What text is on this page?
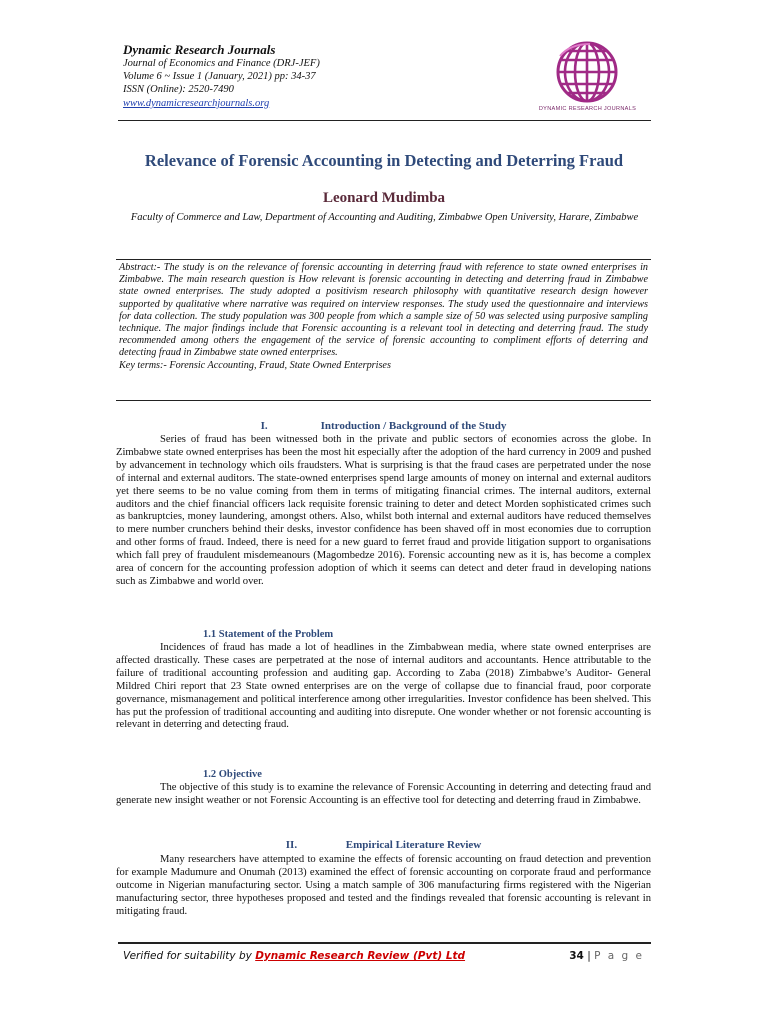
Dynamic Research Journals
Journal of Economics and Finance (DRJ-JEF)
Volume 6 ~ Issue 1 (January, 2021) pp: 34-37
ISSN (Online): 2520-7490
www.dynamicresearchjournals.org
DYNAMIC RESEARCH JOURNALS
Relevance of Forensic Accounting in Detecting and Deterring Fraud
Leonard Mudimba
Faculty of Commerce and Law, Department of Accounting and Auditing, Zimbabwe Open University, Harare, Zimbabwe

Abstract:- The study is on the relevance of forensic accounting in deterring fraud with reference to state owned enterprises in Zimbabwe. The main research question is How relevant is forensic accounting in detecting and deterring fraud in Zimbabwe state owned enterprises. The study adopted a positivism research philosophy with quantitative research design however supported by qualitative where narrative was required on interview responses. The study used the questionnaire and interviews for data collection. The study population was 300 people from which a sample size of 50 was selected using purposive sampling technique. The major findings include that Forensic accounting is a relevant tool in detecting and deterring fraud. The study recommended among others the engagement of the service of forensic accounting to compliment efforts of deterring and detecting fraud in Zimbabwe state owned enterprises.

Key terms:- Forensic Accounting, Fraud, State Owned Enterprises

I.	Introduction / Background of the Study

Series of fraud has been witnessed both in the private and public sectors of economies across the globe. In Zimbabwe state owned enterprises has been the most hit especially after the adoption of the hard currency in 2009 and pushed by advancement in technology which oils fraudsters. What is surprising is that the fraud cases are perpetrated under the nose of internal and external auditors. The state-owned enterprises spend large amounts of money on internal and external auditors yet there seems to be no value coming from them in terms of mitigating financial crimes. The internal auditors, external auditors and the chief financial officers lack requisite forensic training to deter and detect Morden sophisticated crimes such as bankruptcies, money laundering, amongst others. Also, whilst both internal and external auditors have reduced themselves to mere number crunchers behind their desks, investor confidence has been shaved off in most economies due to corruption and other forms of fraud. Indeed, there is need for a new guard to ferret fraud and provide litigation support to organisations which fall prey of fraudulent misdemeanours (Magombedze 2016). Forensic accounting new as it is, has become a complex area of concern for the accounting profession adoption of which it seems can detect and deter fraud in developing nations such as Zimbabwe and world over.

1.1 Statement of the Problem

Incidences of fraud has made a lot of headlines in the Zimbabwean media, where state owned enterprises are affected drastically. These cases are perpetrated at the nose of internal auditors and accountants. Hence attributable to the failure of traditional accounting profession and auditing gap. According to Zaba (2018) Zimbabwe’s Auditor- General Mildred Chiri report that 23 State owned enterprises are on the verge of collapse due to financial fraud, poor corporate governance, mismanagement and political interference among other irregularities. Investor confidence has been shelved. This has put the profession of traditional accounting and auditing into disrepute. One wonder whether or not forensic accounting is relevant in deterring and detecting fraud.

1.2 Objective

The objective of this study is to examine the relevance of Forensic Accounting in deterring and detecting fraud and generate new insight weather or not Forensic Accounting is an effective tool for detecting and deterring fraud in Zimbabwe.

II.	Empirical Literature Review

Many researchers have attempted to examine the effects of forensic accounting on fraud detection and prevention for example Madumure and Onumah (2013) examined the effect of forensic accounting on corporate fraud and performance outcome in Nigerian manufacturing sector. Using a match sample of 306 manufacturing firms registered with the Nigerian manufacturing sector, three hypotheses proposed and tested and the findings revealed that forensic accounting is relevant in mitigating fraud.

Verified for suitability by Dynamic Research Review (Pvt) Ltd	34 | P a g e
